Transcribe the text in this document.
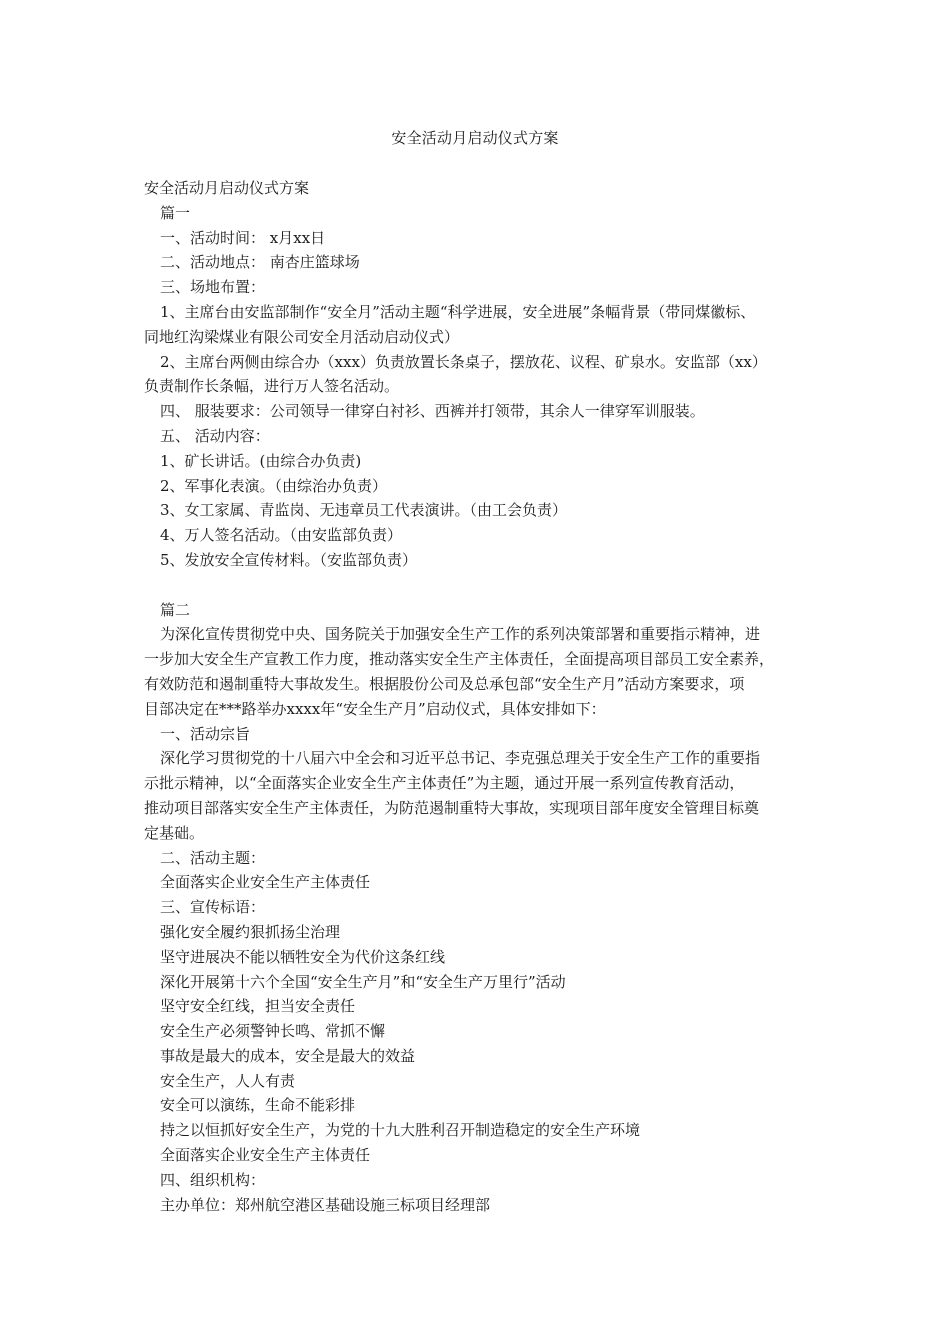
安全活动月启动仪式方案
安全活动月启动仪式方案
篇一
一、活动时间： x月xx日
二、活动地点： 南杏庄篮球场
三、场地布置：
1、主席台由安监部制作“安全月”活动主题“科学进展，安全进展”条幅背景（带同煤徽标、
同地红沟梁煤业有限公司安全月活动启动仪式）
2、主席台两侧由综合办（xxx）负责放置长条桌子，摆放花、议程、矿泉水。安监部（xx）
负责制作长条幅，进行万人签名活动。
四、 服装要求：公司领导一律穿白衬衫、西裤并打领带，其余人一律穿军训服装。
五、 活动内容：
1、矿长讲话。(由综合办负责)
2、军事化表演。（由综治办负责）
3、女工家属、青监岗、无违章员工代表演讲。（由工会负责）
4、万人签名活动。（由安监部负责）
5、发放安全宣传材料。（安监部负责）
篇二
为深化宣传贯彻党中央、国务院关于加强安全生产工作的系列决策部署和重要指示精神，进
一步加大安全生产宣教工作力度，推动落实安全生产主体责任，全面提高项目部员工安全素养，
有效防范和遏制重特大事故发生。根据股份公司及总承包部“安全生产月”活动方案要求，项
目部决定在***路举办xxxx年“安全生产月”启动仪式，具体安排如下：
一、活动宗旨
深化学习贯彻党的十八届六中全会和习近平总书记、李克强总理关于安全生产工作的重要指
示批示精神，以“全面落实企业安全生产主体责任”为主题，通过开展一系列宣传教育活动，
推动项目部落实安全生产主体责任，为防范遏制重特大事故，实现项目部年度安全管理目标奠
定基础。
二、活动主题：
全面落实企业安全生产主体责任
三、宣传标语：
强化安全履约狠抓扬尘治理
坚守进展决不能以牺牲安全为代价这条红线
深化开展第十六个全国“安全生产月”和“安全生产万里行”活动
坚守安全红线，担当安全责任
安全生产必须警钟长鸣、常抓不懈
事故是最大的成本，安全是最大的效益
安全生产，人人有责
安全可以演练，生命不能彩排
持之以恒抓好安全生产，为党的十九大胜利召开制造稳定的安全生产环境
全面落实企业安全生产主体责任
四、组织机构：
主办单位：郑州航空港区基础设施三标项目经理部
